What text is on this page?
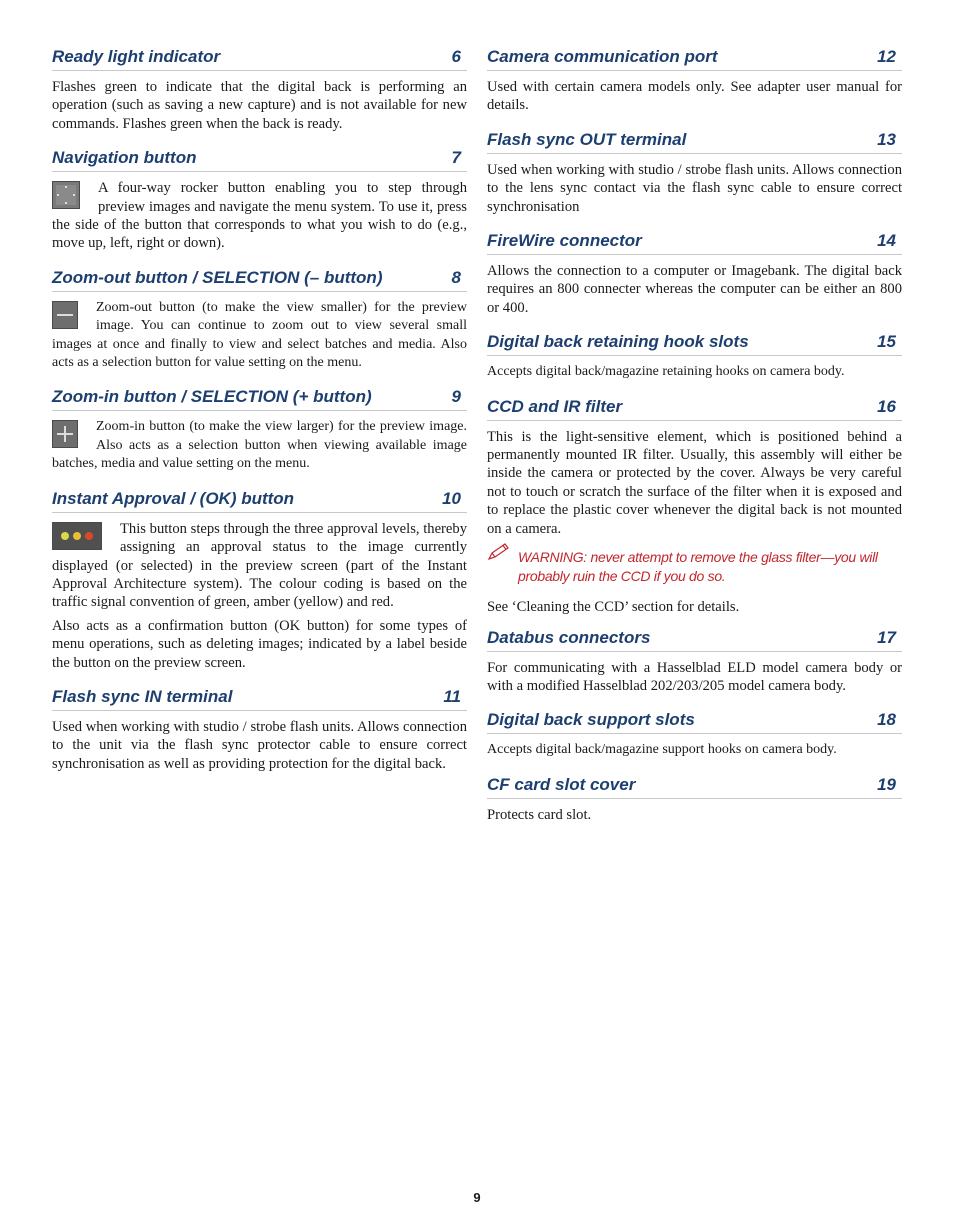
Ready light indicator	6

Flashes green to indicate that the digital back is performing an operation (such as saving a new capture) and is not available for new commands. Flashes green when the back is ready.

Navigation button	7

A four-way rocker button enabling you to step through preview images and navigate the menu system. To use it, press the side of the button that corresponds to what you wish to do (e.g., move up, left, right or down).

Zoom-out button / SELECTION (– button)	8

Zoom-out button (to make the view smaller) for the preview image. You can continue to zoom out to view several small images at once and finally to view and select batches and media. Also acts as a selection button for value setting on the menu.

Zoom-in button / SELECTION (+ button)	9

Zoom-in button (to make the view larger) for the preview image. Also acts as a selection button when viewing available image batches, media and value setting on the menu.

Instant Approval / (OK) button	10

This button steps through the three approval levels, thereby assigning an approval status to the image currently displayed (or selected) in the preview screen (part of the Instant Approval Architecture system). The colour coding is based on the traffic signal convention of green, amber (yellow) and red.

Also acts as a confirmation button (OK button) for some types of menu operations, such as deleting images; indicated by a label beside the button on the preview screen.

Flash sync IN terminal	11

Used when working with studio / strobe flash units. Allows connection to the unit via the flash sync protector cable to ensure correct synchronisation as well as providing protection for the digital back.

Camera communication port	12

Used with certain camera models only. See adapter user manual for details.

Flash sync OUT terminal	13

Used when working with studio / strobe flash units. Allows connection to the lens sync contact via the flash sync cable to ensure correct synchronisation

FireWire connector	14

Allows the connection to a computer or Imagebank. The digital back requires an 800 connecter whereas the computer can be either an 800 or 400.

Digital back retaining hook slots	15

Accepts digital back/magazine retaining hooks on camera body.

CCD and IR filter	16

This is the light-sensitive element, which is positioned behind a permanently mounted IR filter. Usually, this assembly will either be inside the camera or protected by the cover. Always be very careful not to touch or scratch the surface of the filter when it is exposed and to replace the plastic cover whenever the digital back is not mounted on a camera.

WARNING: never attempt to remove the glass filter—you will probably ruin the CCD if you do so.

See ‘Cleaning the CCD’ section for details.

Databus connectors	17

For communicating with a Hasselblad ELD model camera body or with a modified Hasselblad 202/203/205 model camera body.

Digital back support slots	18

Accepts digital back/magazine support hooks on camera body.

CF card slot cover	19

Protects card slot.

9
